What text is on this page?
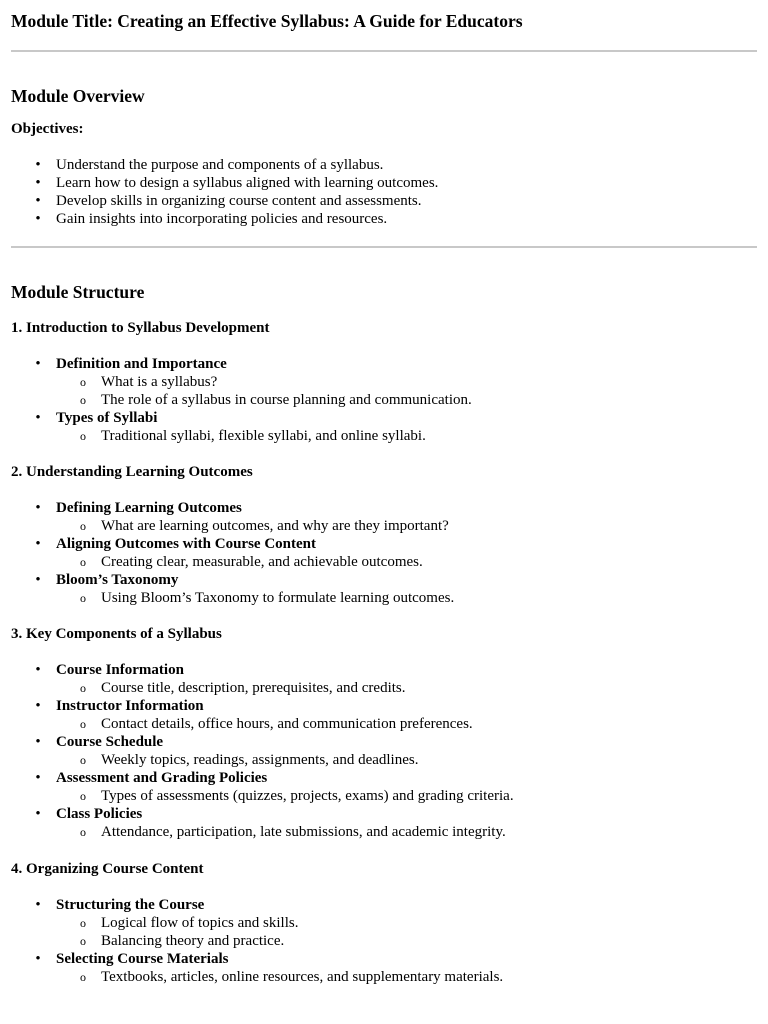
Module Title: Creating an Effective Syllabus: A Guide for Educators
Module Overview
Objectives:
• Understand the purpose and components of a syllabus.
• Learn how to design a syllabus aligned with learning outcomes.
• Develop skills in organizing course content and assessments.
• Gain insights into incorporating policies and resources.
Module Structure
1. Introduction to Syllabus Development
• Definition and Importance
o What is a syllabus?
o The role of a syllabus in course planning and communication.
• Types of Syllabi
o Traditional syllabi, flexible syllabi, and online syllabi.
2. Understanding Learning Outcomes
• Defining Learning Outcomes
o What are learning outcomes, and why are they important?
• Aligning Outcomes with Course Content
o Creating clear, measurable, and achievable outcomes.
• Bloom’s Taxonomy
o Using Bloom’s Taxonomy to formulate learning outcomes.
3. Key Components of a Syllabus
• Course Information
o Course title, description, prerequisites, and credits.
• Instructor Information
o Contact details, office hours, and communication preferences.
• Course Schedule
o Weekly topics, readings, assignments, and deadlines.
• Assessment and Grading Policies
o Types of assessments (quizzes, projects, exams) and grading criteria.
• Class Policies
o Attendance, participation, late submissions, and academic integrity.
4. Organizing Course Content
• Structuring the Course
o Logical flow of topics and skills.
o Balancing theory and practice.
• Selecting Course Materials
o Textbooks, articles, online resources, and supplementary materials.
